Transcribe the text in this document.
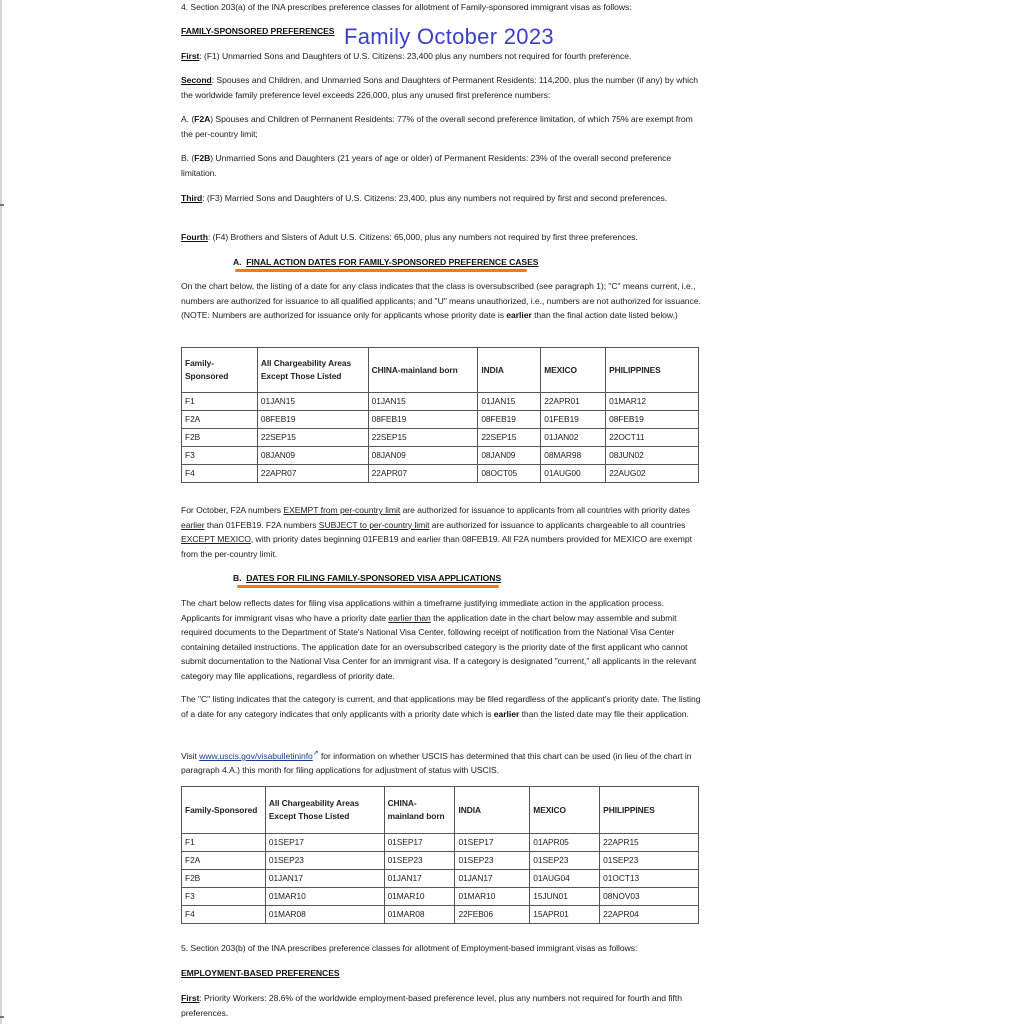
4. Section 203(a) of the INA prescribes preference classes for allotment of Family-sponsored immigrant visas as follows:

FAMILY-SPONSORED PREFERENCES Family October 2023

First: (F1) Unmarried Sons and Daughters of U.S. Citizens: 23,400 plus any numbers not required for fourth preference.

Second: Spouses and Children, and Unmarried Sons and Daughters of Permanent Residents: 114,200, plus the number (if any) by which the worldwide family preference level exceeds 226,000, plus any unused first preference numbers:

A. (F2A) Spouses and Children of Permanent Residents: 77% of the overall second preference limitation, of which 75% are exempt from the per-country limit;

B. (F2B) Unmarried Sons and Daughters (21 years of age or older) of Permanent Residents: 23% of the overall second preference limitation.

Third: (F3) Married Sons and Daughters of U.S. Citizens: 23,400, plus any numbers not required by first and second preferences.

Fourth: (F4) Brothers and Sisters of Adult U.S. Citizens: 65,000, plus any numbers not required by first three preferences.

A. FINAL ACTION DATES FOR FAMILY-SPONSORED PREFERENCE CASES

On the chart below, the listing of a date for any class indicates that the class is oversubscribed (see paragraph 1); "C" means current, i.e., numbers are authorized for issuance to all qualified applicants; and "U" means unauthorized, i.e., numbers are not authorized for issuance. (NOTE: Numbers are authorized for issuance only for applicants whose priority date is earlier than the final action date listed below.)

Family-Sponsored	All Chargeability Areas Except Those Listed	CHINA-mainland born	INDIA	MEXICO	PHILIPPINES
F1	01JAN15	01JAN15	01JAN15	22APR01	01MAR12
F2A	08FEB19	08FEB19	08FEB19	01FEB19	08FEB19
F2B	22SEP15	22SEP15	22SEP15	01JAN02	22OCT11
F3	08JAN09	08JAN09	08JAN09	08MAR98	08JUN02
F4	22APR07	22APR07	08OCT05	01AUG00	22AUG02

For October, F2A numbers EXEMPT from per-country limit are authorized for issuance to applicants from all countries with priority dates earlier than 01FEB19. F2A numbers SUBJECT to per-country limit are authorized for issuance to applicants chargeable to all countries EXCEPT MEXICO, with priority dates beginning 01FEB19 and earlier than 08FEB19. All F2A numbers provided for MEXICO are exempt from the per-country limit.

B. DATES FOR FILING FAMILY-SPONSORED VISA APPLICATIONS

The chart below reflects dates for filing visa applications within a timeframe justifying immediate action in the application process. Applicants for immigrant visas who have a priority date earlier than the application date in the chart below may assemble and submit required documents to the Department of State's National Visa Center, following receipt of notification from the National Visa Center containing detailed instructions. The application date for an oversubscribed category is the priority date of the first applicant who cannot submit documentation to the National Visa Center for an immigrant visa. If a category is designated "current," all applicants in the relevant category may file applications, regardless of priority date.

The "C" listing indicates that the category is current, and that applications may be filed regardless of the applicant's priority date. The listing of a date for any category indicates that only applicants with a priority date which is earlier than the listed date may file their application.

Visit www.uscis.gov/visabulletininfo↗ for information on whether USCIS has determined that this chart can be used (in lieu of the chart in paragraph 4.A.) this month for filing applications for adjustment of status with USCIS.

Family-Sponsored	All Chargeability Areas Except Those Listed	CHINA-mainland born	INDIA	MEXICO	PHILIPPINES
F1	01SEP17	01SEP17	01SEP17	01APR05	22APR15
F2A	01SEP23	01SEP23	01SEP23	01SEP23	01SEP23
F2B	01JAN17	01JAN17	01JAN17	01AUG04	01OCT13
F3	01MAR10	01MAR10	01MAR10	15JUN01	08NOV03
F4	01MAR08	01MAR08	22FEB06	15APR01	22APR04

5. Section 203(b) of the INA prescribes preference classes for allotment of Employment-based immigrant visas as follows:

EMPLOYMENT-BASED PREFERENCES

First: Priority Workers: 28.6% of the worldwide employment-based preference level, plus any numbers not required for fourth and fifth preferences.
